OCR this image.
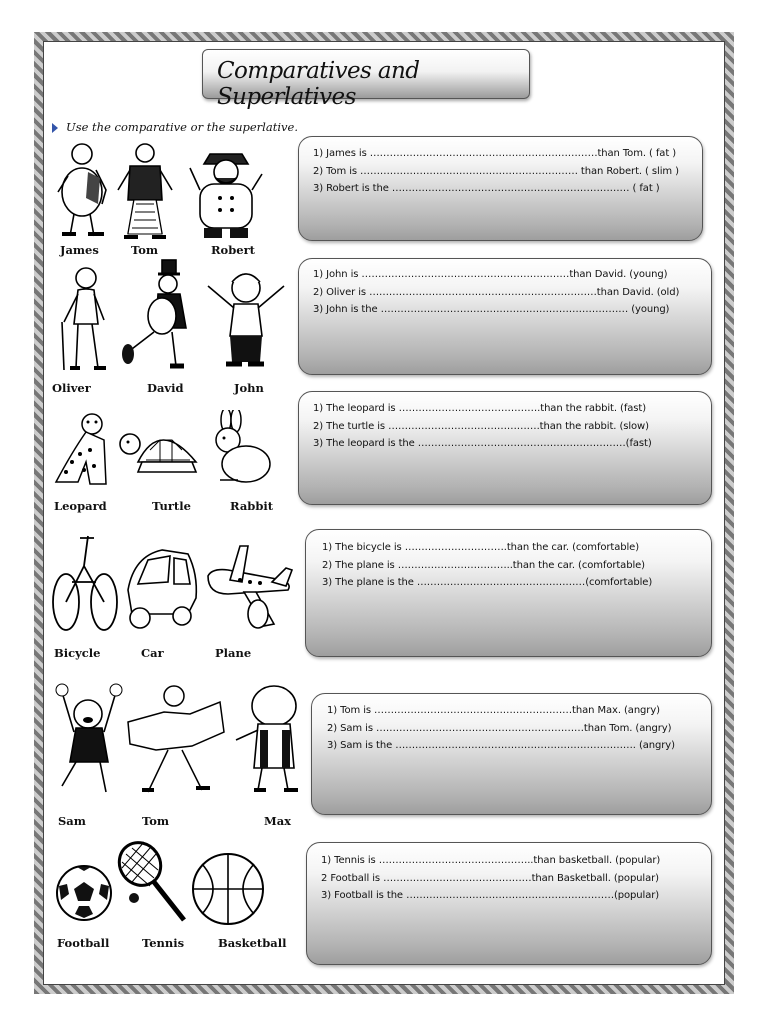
Comparatives and Superlatives
Use the comparative or the superlative.
James	Tom	Robert
1) James is ……………………………………………………………than Tom. ( fat )
2) Tom is ………………………………………………………… than Robert. ( slim )
3) Robert is the ……………………………………………………………… ( fat )
Oliver	David	John
1) John is ………………………………………………………than David. (young)
2) Oliver is ……………………………………………………………than David. (old)
3) John is the ………………………………………………………………… (young)
Leopard	Turtle	Rabbit
1) The leopard is …………………………………….than the rabbit. (fast)
2) The turtle is ……………………………………….than the rabbit. (slow)
3) The leopard is the ………………………………………………………(fast)
Bicycle	Car	Plane
1) The bicycle is ………………………….than the car. (comfortable)
2) The plane is ……………………………..than the car. (comfortable)
3) The plane is the ……………………………………………(comfortable)
Sam	Tom	Max
1) Tom is ……………………………………………………than Max. (angry)
2) Sam is ………………………………………………………than Tom. (angry)
3) Sam is the ………………………………………………………………. (angry)
Football	Tennis	Basketball
1) Tennis is ………………………………………..than basketball. (popular)
2 Football is ………………………………………than Basketball. (popular)
3) Football is the ………………………………………………………(popular)
